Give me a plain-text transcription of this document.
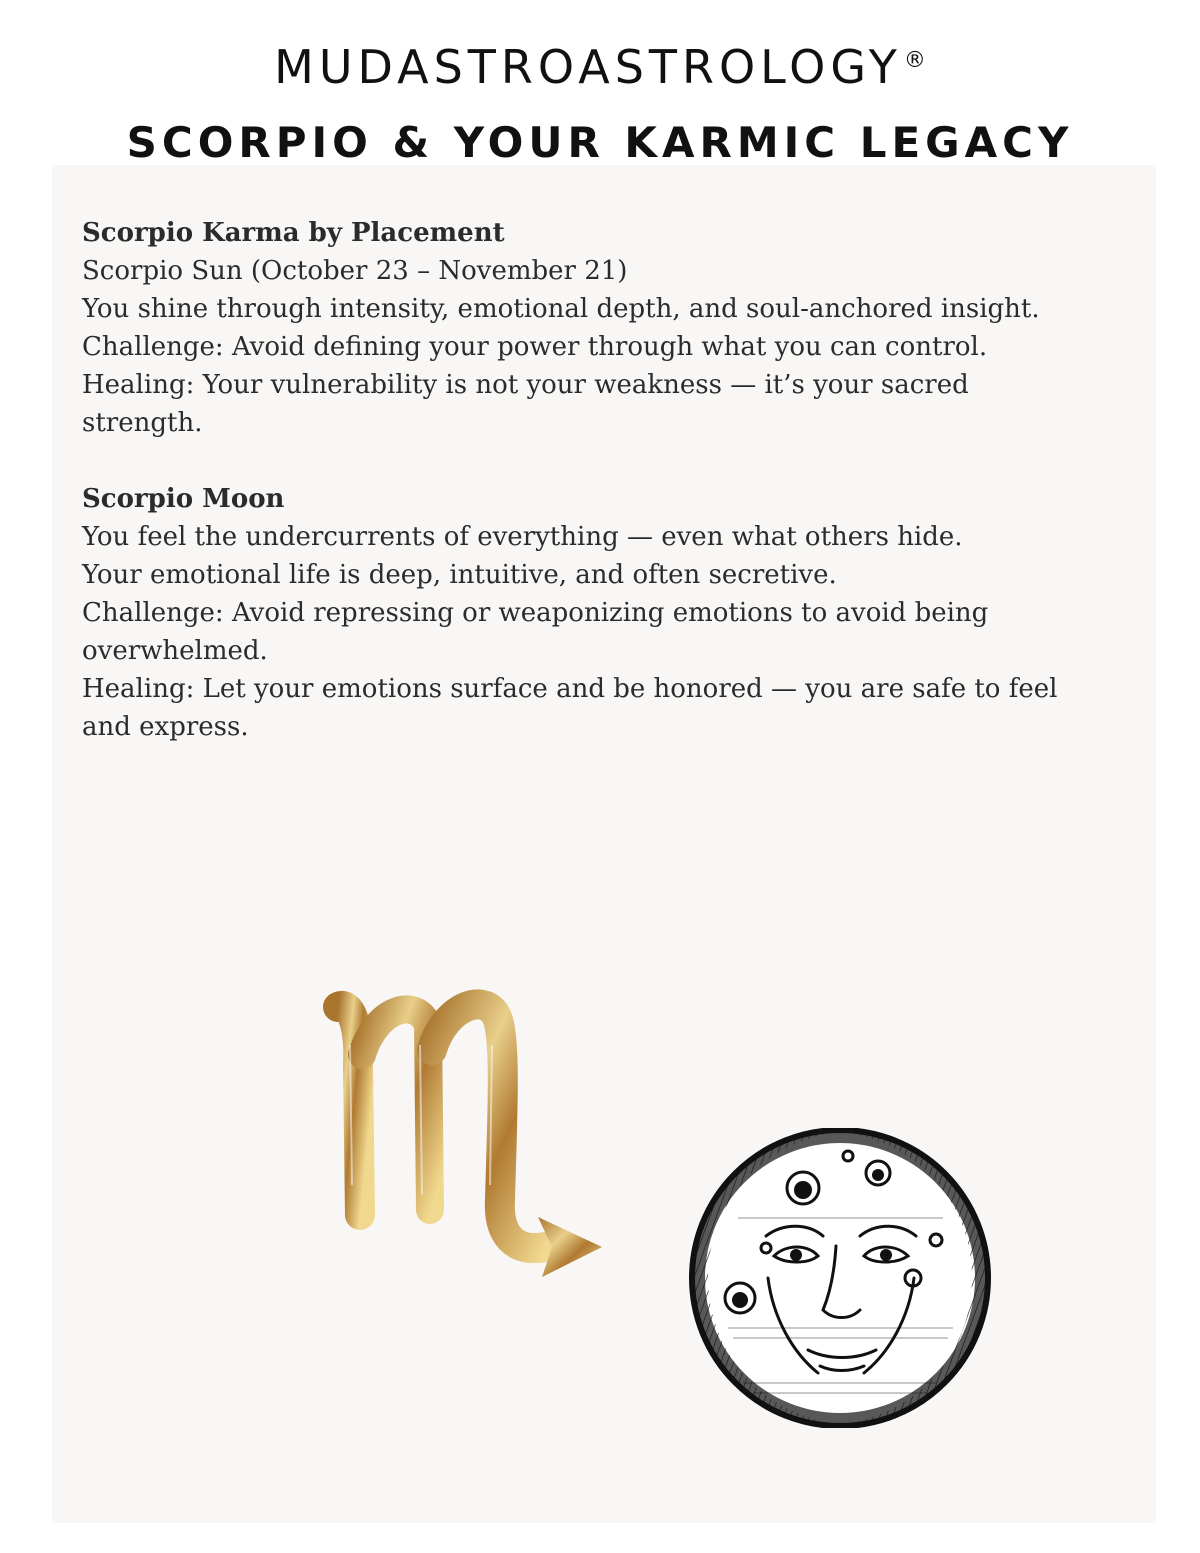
MUDASTROASTROLOGY®
SCORPIO & YOUR KARMIC LEGACY

Scorpio Karma by Placement

Scorpio Sun (October 23 – November 21)

You shine through intensity, emotional depth, and soul-anchored insight.

Challenge: Avoid defining your power through what you can control.

Healing: Your vulnerability is not your weakness — it’s your sacred strength.

Scorpio Moon

You feel the undercurrents of everything — even what others hide.

Your emotional life is deep, intuitive, and often secretive.

Challenge: Avoid repressing or weaponizing emotions to avoid being overwhelmed.

Healing: Let your emotions surface and be honored — you are safe to feel and express.
